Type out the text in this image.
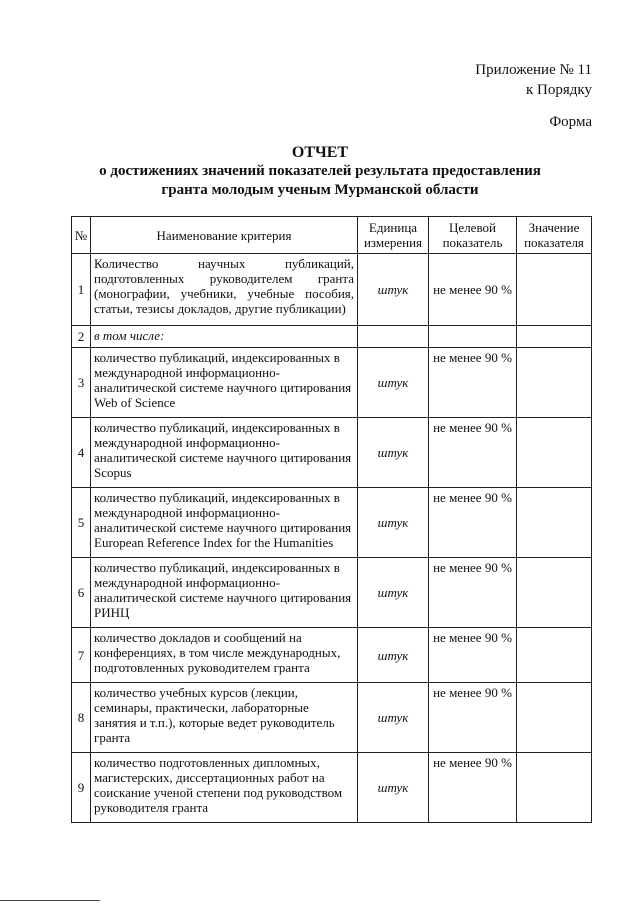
Приложение № 11
к Порядку
Форма
ОТЧЕТ
о достижениях значений показателей результата предоставления
гранта молодым ученым Мурманской области
№	Наименование критерия	Единица измерения	Целевой показатель	Значение показателя
1	Количество научных публикаций, подготовленных руководителем гранта (монографии, учебники, учебные пособия, статьи, тезисы докладов, другие публикации)	штук	не менее 90 %	
2	в том числе:			
3	количество публикаций, индексированных в международной информационно-аналитической системе научного цитирования Web of Science	штук	не менее 90 %	
4	количество публикаций, индексированных в международной информационно-аналитической системе научного цитирования Scopus	штук	не менее 90 %	
5	количество публикаций, индексированных в международной информационно-аналитической системе научного цитирования European Reference Index for the Humanities	штук	не менее 90 %	
6	количество публикаций, индексированных в международной информационно-аналитической системе научного цитирования РИНЦ	штук	не менее 90 %	
7	количество докладов и сообщений на конференциях, в том числе международных, подготовленных руководителем гранта	штук	не менее 90 %	
8	количество учебных курсов (лекции, семинары, практически, лабораторные занятия и т.п.), которые ведет руководитель гранта	штук	не менее 90 %	
9	количество подготовленных дипломных, магистерских, диссертационных работ на соискание ученой степени под руководством руководителя гранта	штук	не менее 90 %	
